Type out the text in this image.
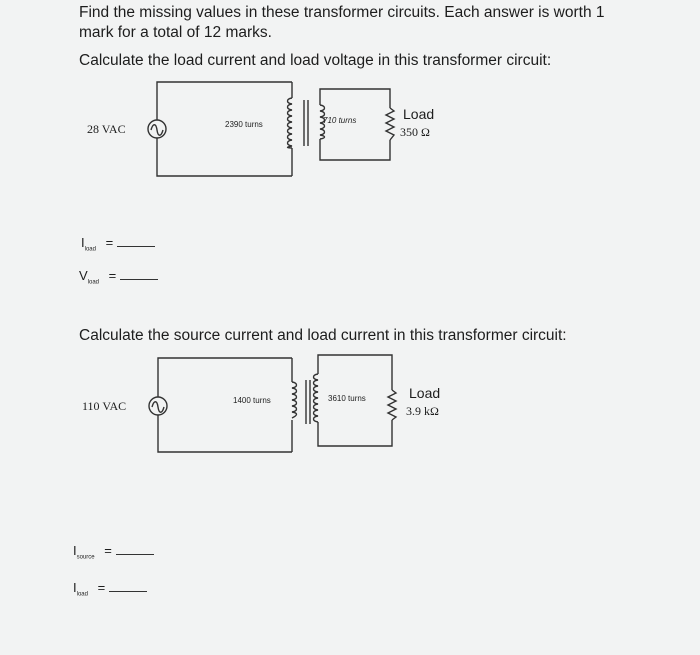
Find the missing values in these transformer circuits. Each answer is worth 1
mark for a total of 12 marks.
Calculate the load current and load voltage in this transformer circuit:
28 VAC	2390 turns	710 turns	Load
350 Ω
$I_{load}$ =
$V_{load}$ =
Calculate the source current and load current in this transformer circuit:
110 VAC	1400 turns	3610 turns	Load
3.9 kΩ
$I_{source}$ =
$I_{load}$ =
